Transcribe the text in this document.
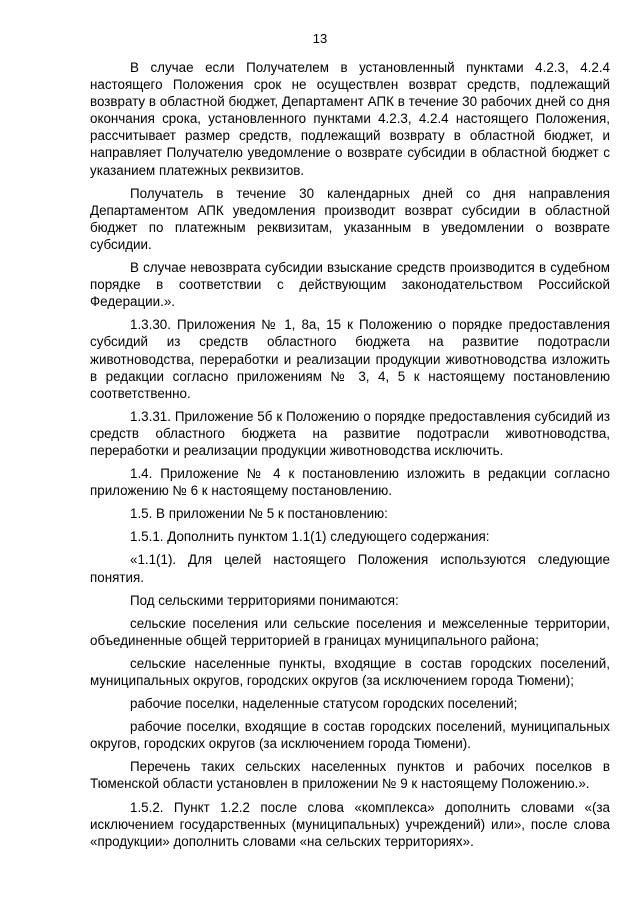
13

В случае если Получателем в установленный пунктами 4.2.3, 4.2.4 настоящего Положения срок не осуществлен возврат средств, подлежащий возврату в областной бюджет, Департамент АПК в течение 30 рабочих дней со дня окончания срока, установленного пунктами 4.2.3, 4.2.4 настоящего Положения, рассчитывает размер средств, подлежащий возврату в областной бюджет, и направляет Получателю уведомление о возврате субсидии в областной бюджет с указанием платежных реквизитов.

Получатель в течение 30 календарных дней со дня направления Департаментом АПК уведомления производит возврат субсидии в областной бюджет по платежным реквизитам, указанным в уведомлении о возврате субсидии.

В случае невозврата субсидии взыскание средств производится в судебном порядке в соответствии с действующим законодательством Российской Федерации.».

1.3.30. Приложения № 1, 8а, 15 к Положению о порядке предоставления субсидий из средств областного бюджета на развитие подотрасли животноводства, переработки и реализации продукции животноводства изложить в редакции согласно приложениям № 3, 4, 5 к настоящему постановлению соответственно.

1.3.31. Приложение 5б к Положению о порядке предоставления субсидий из средств областного бюджета на развитие подотрасли животноводства, переработки и реализации продукции животноводства исключить.

1.4. Приложение № 4 к постановлению изложить в редакции согласно приложению № 6 к настоящему постановлению.

1.5. В приложении № 5 к постановлению:

1.5.1. Дополнить пунктом 1.1(1) следующего содержания:

«1.1(1). Для целей настоящего Положения используются следующие понятия.

Под сельскими территориями понимаются:

сельские поселения или сельские поселения и межселенные территории, объединенные общей территорией в границах муниципального района;

сельские населенные пункты, входящие в состав городских поселений, муниципальных округов, городских округов (за исключением города Тюмени);

рабочие поселки, наделенные статусом городских поселений;

рабочие поселки, входящие в состав городских поселений, муниципальных округов, городских округов (за исключением города Тюмени).

Перечень таких сельских населенных пунктов и рабочих поселков в Тюменской области установлен в приложении № 9 к настоящему Положению.».

1.5.2. Пункт 1.2.2 после слова «комплекса» дополнить словами «(за исключением государственных (муниципальных) учреждений) или», после слова «продукции» дополнить словами «на сельских территориях».
